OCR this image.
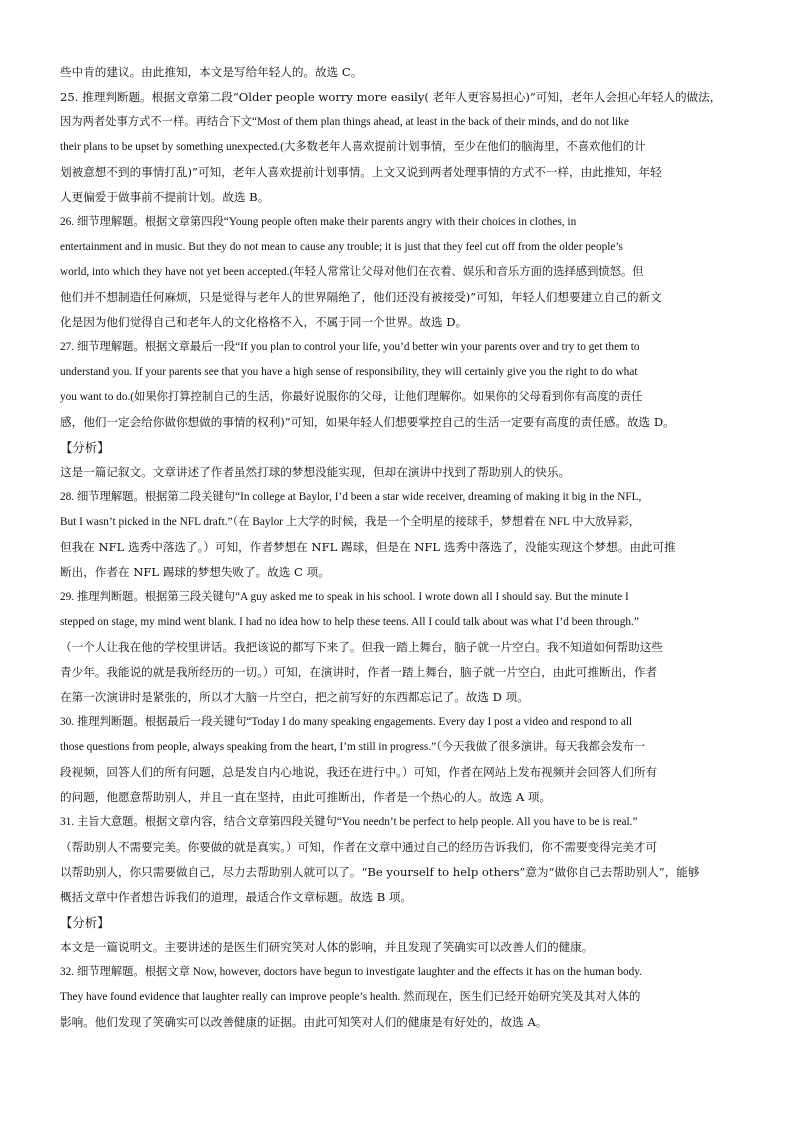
些中肯的建议。由此推知，本文是写给年轻人的。故选 C。
25. 推理判断题。根据文章第二段“Older people worry more easily( 老年人更容易担心)”可知，老年人会担心年轻人的做法，
因为两者处事方式不一样。再结合下文“Most of them plan things ahead, at least in the back of their minds, and do not like
their plans to be upset by something unexpected.(大多数老年人喜欢提前计划事情，至少在他们的脑海里，不喜欢他们的计
划被意想不到的事情打乱)”可知，老年人喜欢提前计划事情。上文又说到两者处理事情的方式不一样，由此推知，年轻
人更偏爱于做事前不提前计划。故选 B。
26. 细节理解题。根据文章第四段“Young people often make their parents angry with their choices in clothes, in
entertainment and in music. But they do not mean to cause any trouble; it is just that they feel cut off from the older people’s
world, into which they have not yet been accepted.(年轻人常常让父母对他们在衣着、娱乐和音乐方面的选择感到愤怒。但
他们并不想制造任何麻烦，只是觉得与老年人的世界隔绝了，他们还没有被接受)”可知，年轻人们想要建立自己的新文
化是因为他们觉得自己和老年人的文化格格不入，不属于同一个世界。故选 D。
27. 细节理解题。根据文章最后一段“If you plan to control your life, you’d better win your parents over and try to get them to
understand you. If your parents see that you have a high sense of responsibility, they will certainly give you the right to do what
you want to do.(如果你打算控制自己的生活，你最好说服你的父母，让他们理解你。如果你的父母看到你有高度的责任
感，他们一定会给你做你想做的事情的权利)”可知，如果年轻人们想要掌控自己的生活一定要有高度的责任感。故选 D。
【分析】
这是一篇记叙文。文章讲述了作者虽然打球的梦想没能实现，但却在演讲中找到了帮助别人的快乐。
28. 细节理解题。根据第二段关键句“In college at Baylor, I’d been a star wide receiver, dreaming of making it big in the NFL,
But I wasn’t picked in the NFL draft.”（在 Baylor 上大学的时候，我是一个全明星的接球手，梦想着在 NFL 中大放异彩，
但我在 NFL 选秀中落选了。）可知，作者梦想在 NFL 踢球，但是在 NFL 选秀中落选了，没能实现这个梦想。由此可推
断出，作者在 NFL 踢球的梦想失败了。故选 C 项。
29. 推理判断题。根据第三段关键句“A guy asked me to speak in his school. I wrote down all I should say. But the minute I
stepped on stage, my mind went blank. I had no idea how to help these teens. All I could talk about was what I’d been through.”
（一个人让我在他的学校里讲话。我把该说的都写下来了。但我一踏上舞台，脑子就一片空白。我不知道如何帮助这些
青少年。我能说的就是我所经历的一切。）可知，在演讲时，作者一踏上舞台，脑子就一片空白，由此可推断出，作者
在第一次演讲时是紧张的，所以才大脑一片空白，把之前写好的东西都忘记了。故选 D 项。
30. 推理判断题。根据最后一段关键句“Today I do many speaking engagements. Every day I post a video and respond to all
those questions from people, always speaking from the heart, I’m still in progress.”（今天我做了很多演讲。每天我都会发布一
段视频，回答人们的所有问题，总是发自内心地说，我还在进行中。）可知，作者在网站上发布视频并会回答人们所有
的问题，他愿意帮助别人，并且一直在坚持，由此可推断出，作者是一个热心的人。故选 A 项。
31. 主旨大意题。根据文章内容，结合文章第四段关键句“You needn’t be perfect to help people. All you have to be is real.”
（帮助别人不需要完美。你要做的就是真实。）可知，作者在文章中通过自己的经历告诉我们，你不需要变得完美才可
以帮助别人，你只需要做自己，尽力去帮助别人就可以了。“Be yourself to help others”意为“做你自己去帮助别人”，能够
概括文章中作者想告诉我们的道理，最适合作文章标题。故选 B 项。
【分析】
本文是一篇说明文。主要讲述的是医生们研究笑对人体的影响，并且发现了笑确实可以改善人们的健康。
32. 细节理解题。根据文章 Now, however, doctors have begun to investigate laughter and the effects it has on the human body.
They have found evidence that laughter really can improve people’s health. 然而现在，医生们已经开始研究笑及其对人体的
影响。他们发现了笑确实可以改善健康的证据。由此可知笑对人们的健康是有好处的，故选 A。
